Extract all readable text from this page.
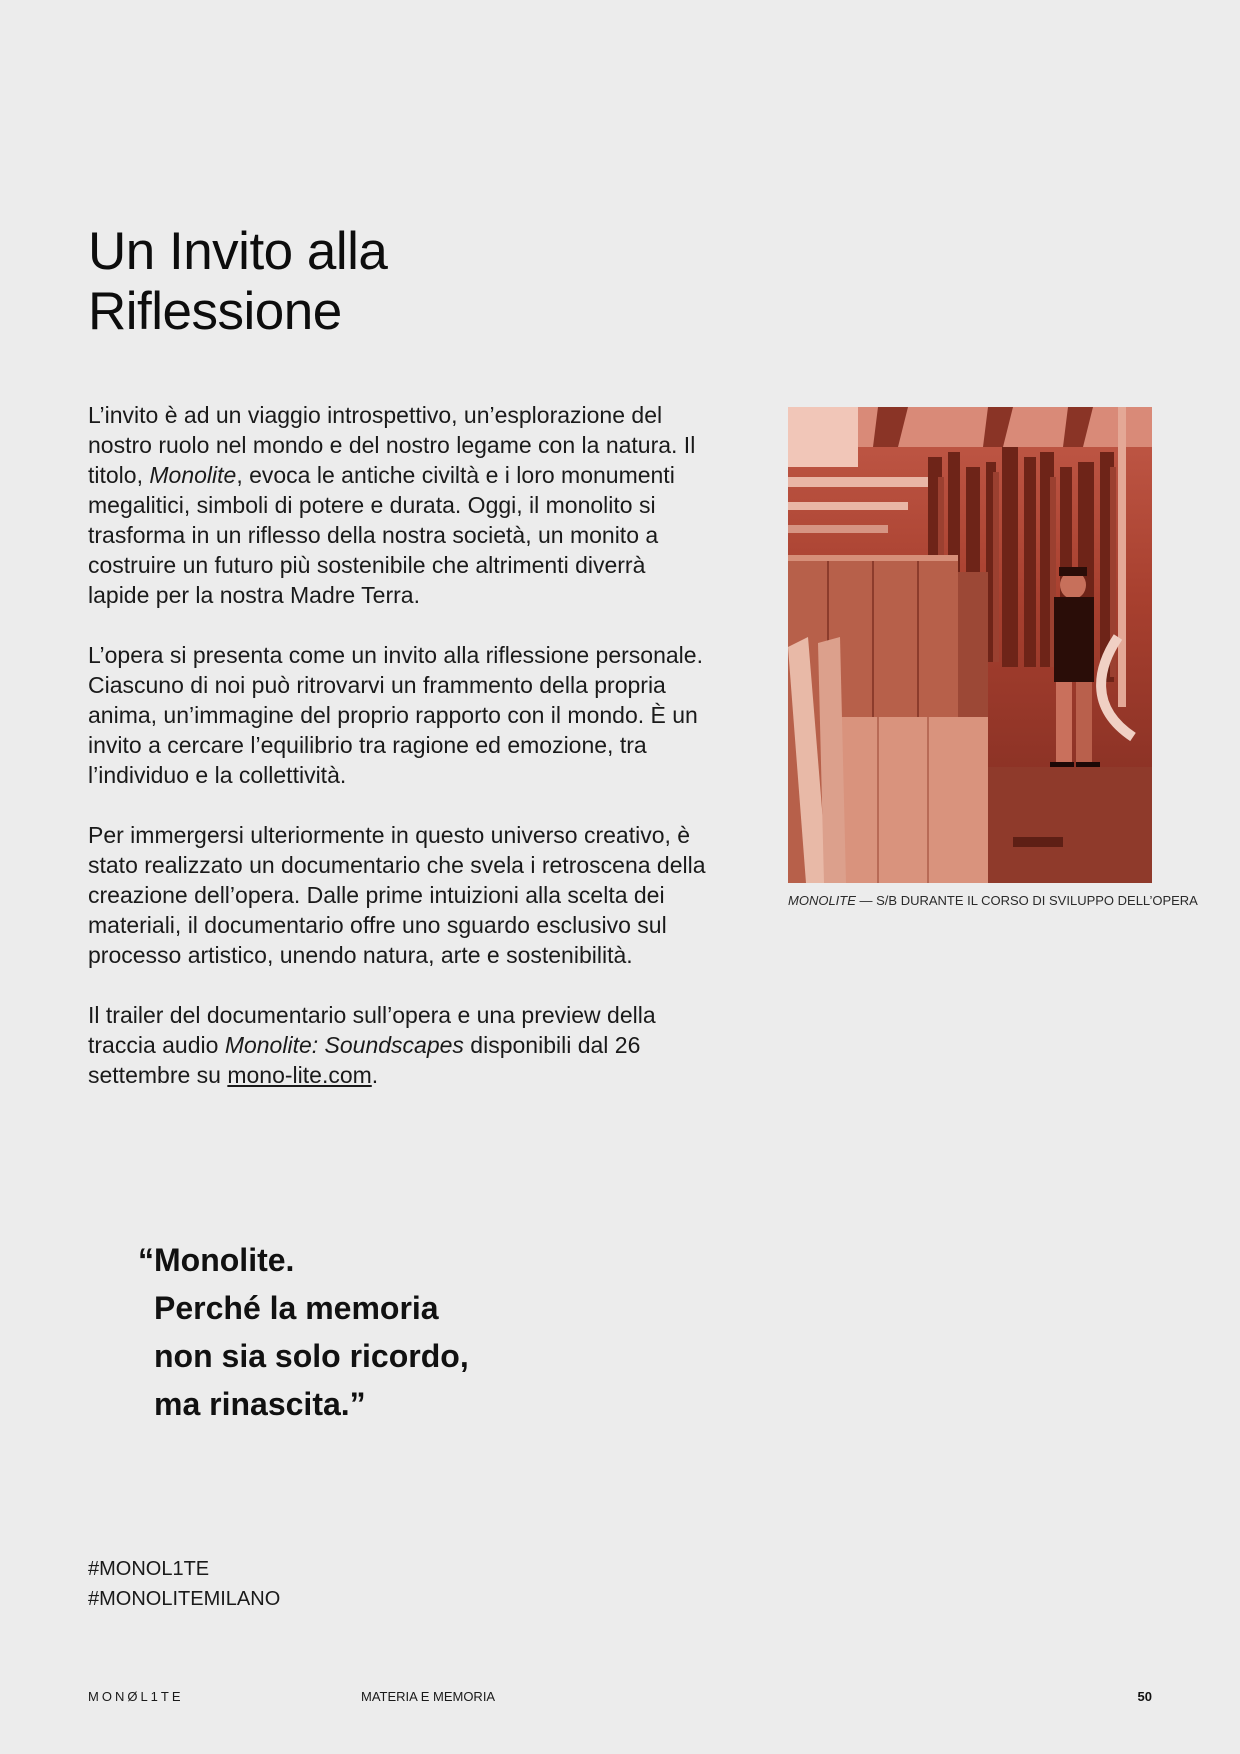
Un Invito alla
Riflessione

L’invito è ad un viaggio introspettivo, un’esplorazione del nostro ruolo nel mondo e del nostro legame con la natura. Il titolo, Monolite, evoca le antiche civiltà e i loro monumenti megalitici, simboli di potere e durata. Oggi, il monolito si trasforma in un riflesso della nostra società, un monito a costruire un futuro più sostenibile che altrimenti diverrà lapide per la nostra Madre Terra.

L’opera si presenta come un invito alla riflessione personale. Ciascuno di noi può ritrovarvi un frammento della propria anima, un’immagine del proprio rapporto con il mondo. È un invito a cercare l’equilibrio tra ragione ed emozione, tra l’individuo e la collettività.

Per immergersi ulteriormente in questo universo creativo, è stato realizzato un documentario che svela i retroscena della creazione dell’opera. Dalle prime intuizioni alla scelta dei materiali, il documentario offre uno sguardo esclusivo sul processo artistico, unendo natura, arte e sostenibilità.

Il trailer del documentario sull’opera e una preview della traccia audio Monolite: Soundscapes disponibili dal 26 settembre su mono-lite.com.

MONOLITE — S/B DURANTE IL CORSO DI SVILUPPO DELL’OPERA
“Monolite.
Perché la memoria
non sia solo ricordo,
ma rinascita.”
#MONOL1TE
#MONOLITEMILANO
MONØL1TE	MATERIA E MEMORIA	50
